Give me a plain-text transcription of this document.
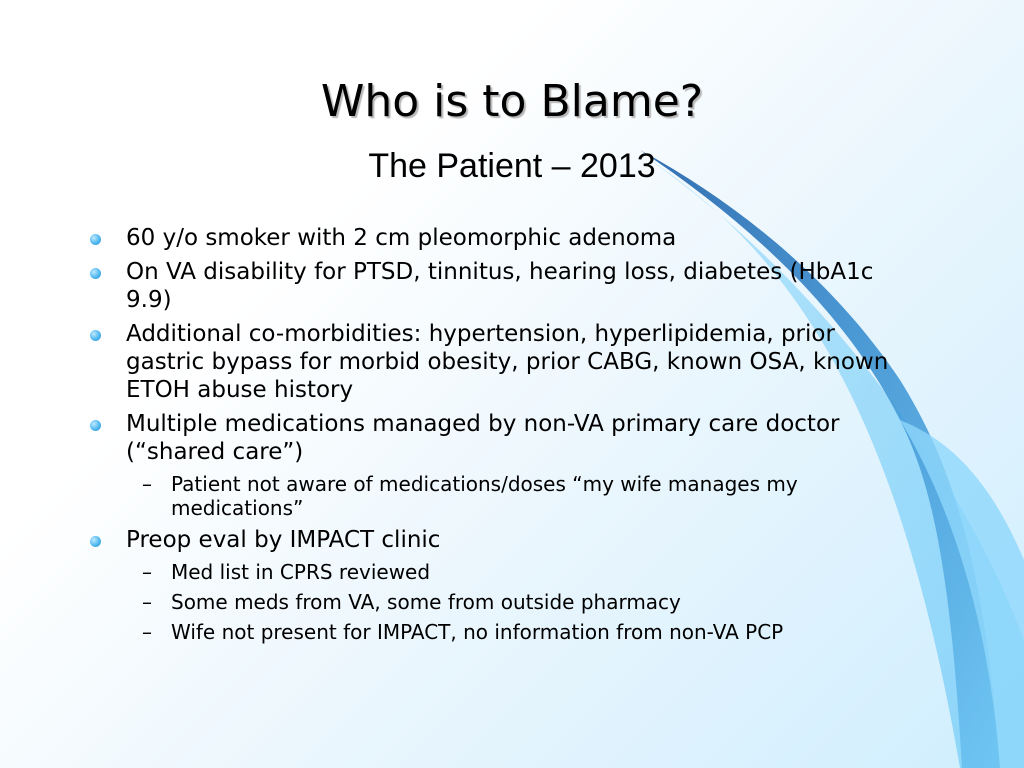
Who is to Blame?
The Patient – 2013
60 y/o smoker with 2 cm pleomorphic adenoma
On VA disability for PTSD, tinnitus, hearing loss, diabetes (HbA1c 9.9)
Additional co-morbidities: hypertension, hyperlipidemia, prior gastric bypass for morbid obesity, prior CABG, known OSA, known ETOH abuse history
Multiple medications managed by non-VA primary care doctor (“shared care”)
– Patient not aware of medications/doses “my wife manages my medications”
Preop eval by IMPACT clinic
– Med list in CPRS reviewed
– Some meds from VA, some from outside pharmacy
– Wife not present for IMPACT, no information from non-VA PCP
